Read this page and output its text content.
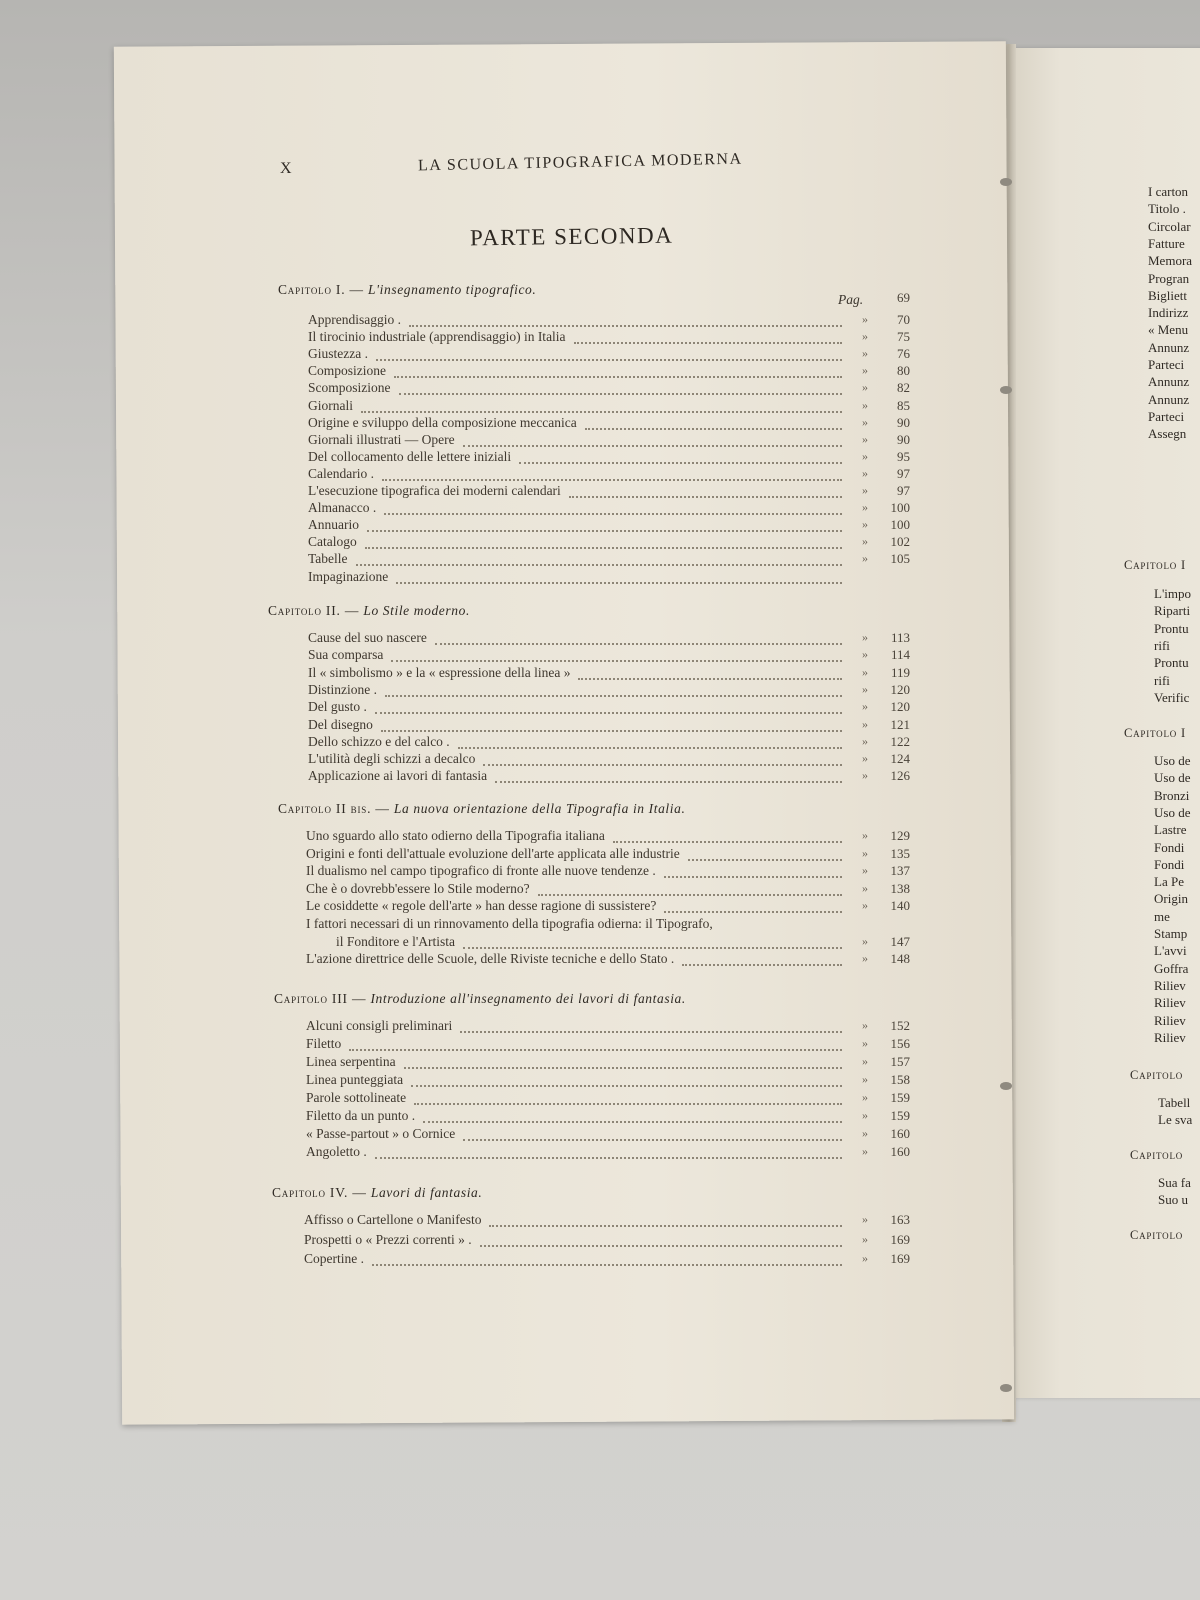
X	LA SCUOLA TIPOGRAFICA MODERNA
PARTE SECONDA
Capitolo I. — L'insegnamento tipografico.
Pag.	69
Apprendisaggio .	»	70
Il tirocinio industriale (apprendisaggio) in Italia	»	75
Giustezza .	»	76
Composizione	»	80
Scomposizione	»	82
Giornali	»	85
Origine e sviluppo della composizione meccanica	»	90
Giornali illustrati — Opere	»	90
Del collocamento delle lettere iniziali	»	95
Calendario .	»	97
L'esecuzione tipografica dei moderni calendari	»	97
Almanacco .	»	100
Annuario	»	100
Catalogo	»	102
Tabelle	»	105
Impaginazione
Capitolo II. — Lo Stile moderno.
Cause del suo nascere	»	113
Sua comparsa	»	114
Il « simbolismo » e la « espressione della linea »	»	119
Distinzione .	»	120
Del gusto .	»	120
Del disegno	»	121
Dello schizzo e del calco .	»	122
L'utilità degli schizzi a decalco	»	124
Applicazione ai lavori di fantasia	»	126
Capitolo II bis. — La nuova orientazione della Tipografia in Italia.
Uno sguardo allo stato odierno della Tipografia italiana	»	129
Origini e fonti dell'attuale evoluzione dell'arte applicata alle industrie	»	135
Il dualismo nel campo tipografico di fronte alle nuove tendenze .	»	137
Che è o dovrebb'essere lo Stile moderno?	»	138
Le cosiddette « regole dell'arte » han desse ragione di sussistere?	»	140
I fattori necessari di un rinnovamento della tipografia odierna: il Tipografo,
il Fonditore e l'Artista	»	147
L'azione direttrice delle Scuole, delle Riviste tecniche e dello Stato .	»	148
Capitolo III — Introduzione all'insegnamento dei lavori di fantasia.
Alcuni consigli preliminari	»	152
Filetto	»	156
Linea serpentina	»	157
Linea punteggiata	»	158
Parole sottolineate	»	159
Filetto da un punto .	»	159
« Passe-partout » o Cornice	»	160
Angoletto .	»	160
Capitolo IV. — Lavori di fantasia.
Affisso o Cartellone o Manifesto	»	163
Prospetti o « Prezzi correnti » .	»	169
Copertine .	»	169
I carton
Titolo .
Circolar
Fatture
Memora
Progran
Bigliett
Indirizz
« Menu
Annunz
Parteci
Annunz
Annunz
Parteci
Assegn
Capitolo I
L'impo
Riparti
Prontu
rifi
Prontu
rifi
Verific
Capitolo I
Uso de
Uso de
Bronzi
Uso de
Lastre
Fondi
Fondi
La Pe
Origin
me
Stamp
L'avvi
Goffra
Riliev
Riliev
Riliev
Riliev
Capitolo
Tabell
Le sva
Capitolo
Sua fa
Suo u
Capitolo
